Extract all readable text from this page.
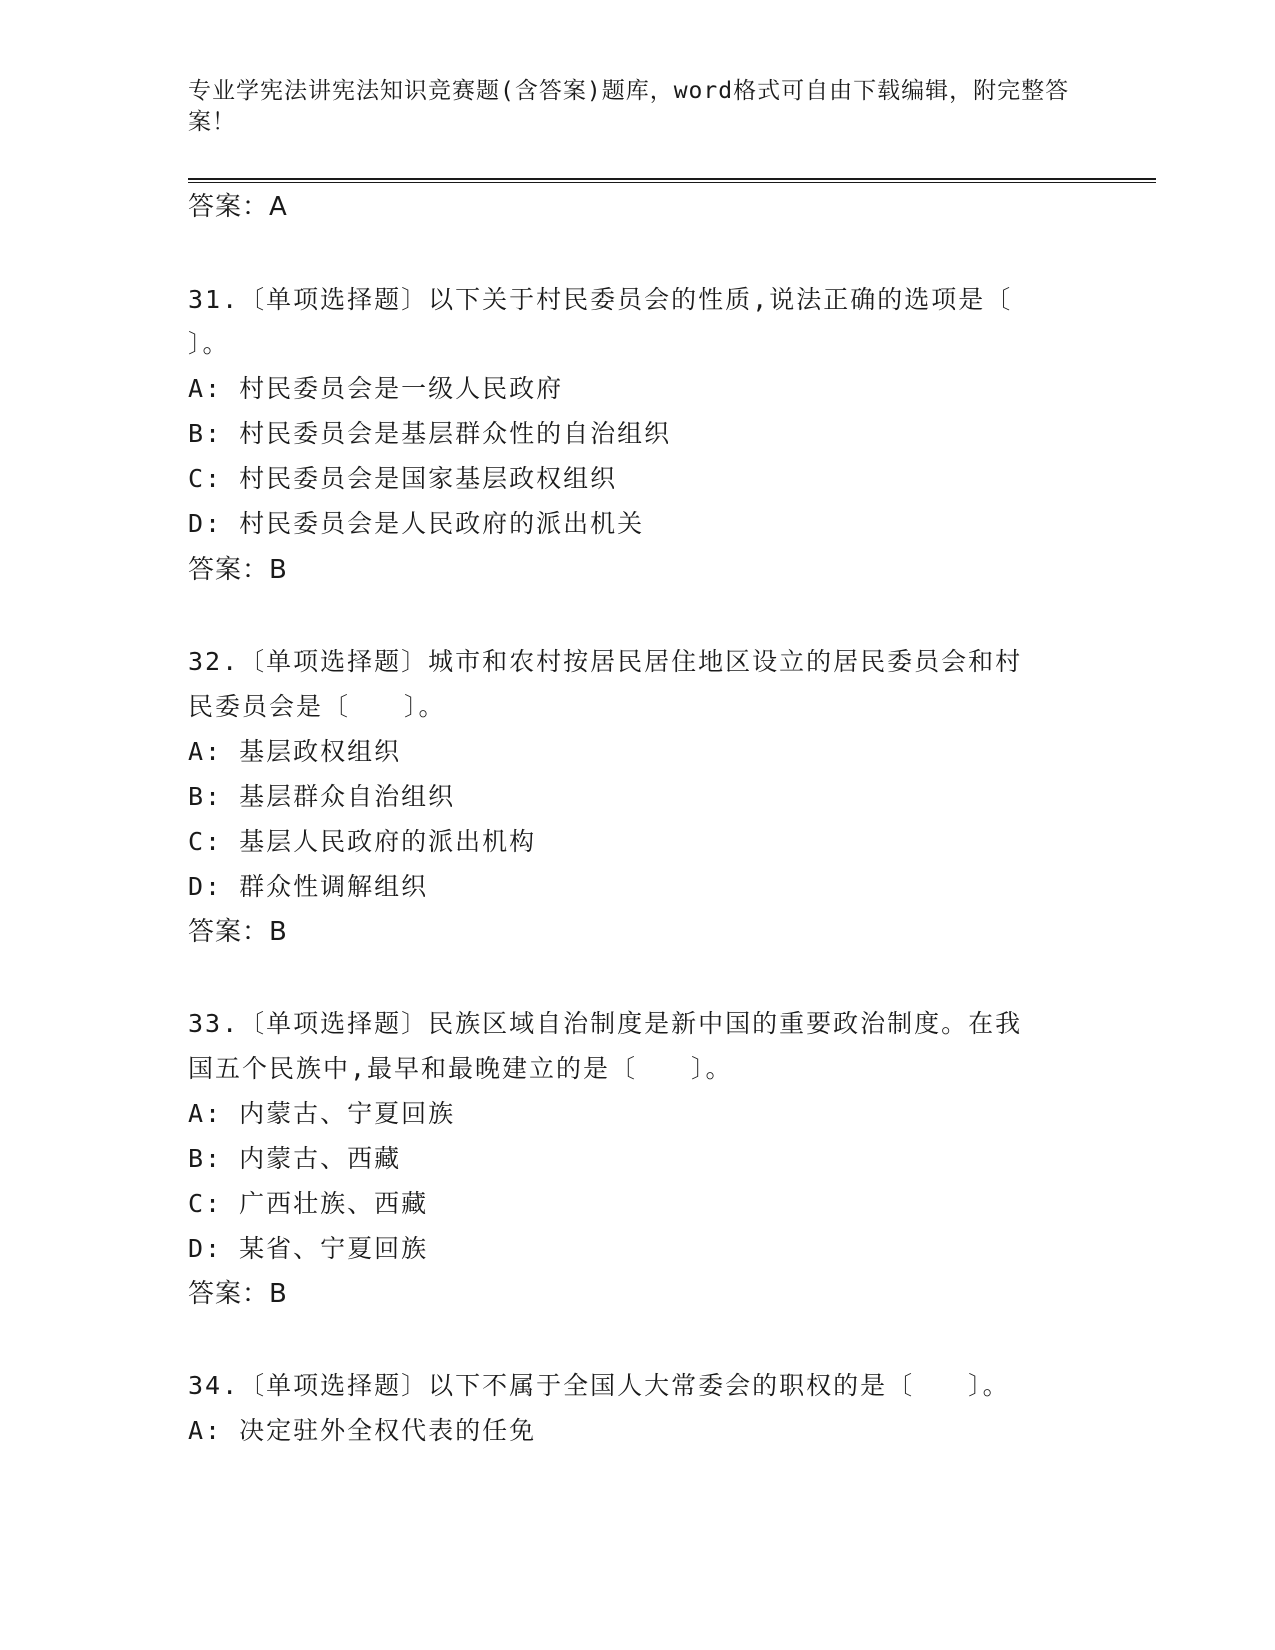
专业学宪法讲宪法知识竞赛题(含答案)题库，word格式可自由下载编辑，附完整答案！

答案：A

31.〔单项选择题〕以下关于村民委员会的性质,说法正确的选项是〔

〕。

A: 村民委员会是一级人民政府

B: 村民委员会是基层群众性的自治组织

C: 村民委员会是国家基层政权组织

D: 村民委员会是人民政府的派出机关

答案：B

32.〔单项选择题〕城市和农村按居民居住地区设立的居民委员会和村

民委员会是〔　　〕。

A: 基层政权组织

B: 基层群众自治组织

C: 基层人民政府的派出机构

D: 群众性调解组织

答案：B

33.〔单项选择题〕民族区域自治制度是新中国的重要政治制度。在我

国五个民族中,最早和最晚建立的是〔　　〕。

A: 内蒙古、宁夏回族

B: 内蒙古、西藏

C: 广西壮族、西藏

D: 某省、宁夏回族

答案：B

34.〔单项选择题〕以下不属于全国人大常委会的职权的是〔　　〕。

A: 决定驻外全权代表的任免
